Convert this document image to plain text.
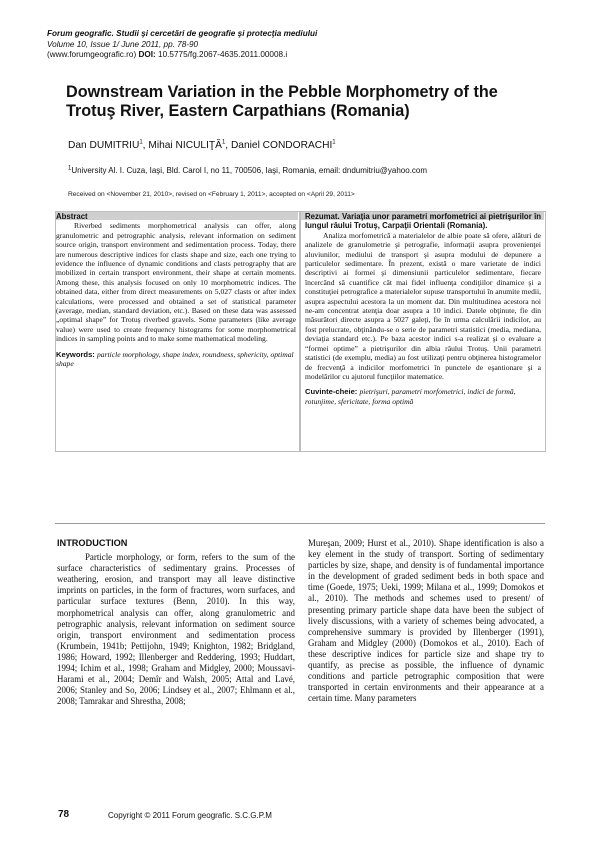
Forum geografic. Studii şi cercetări de geografie şi protecţia mediului
Volume 10, Issue 1/ June 2011, pp. 78-90
(www.forumgeografic.ro) DOI: 10.5775/fg.2067-4635.2011.00008.i
Downstream Variation in the Pebble Morphometry of the Trotuş River, Eastern Carpathians (Romania)
Dan DUMITRIU$^1$, Mihai NICULIŢĂ$^1$, Daniel CONDORACHI$^1$
$^1$University Al. I. Cuza, Iaşi, Bld. Carol I, no 11, 700506, Iaşi, Romania, email: dndumitriu@yahoo.com
Received on <November 21, 2010>, revised on <February 1, 2011>, accepted on <April 29, 2011>
Abstract

Riverbed sediments morphometrical analysis can offer, along granulometric and petrographic analysis, relevant information on sediment source origin, transport environment and sedimentation process. Today, there are numerous descriptive indices for clasts shape and size, each one trying to evidence the influence of dynamic conditions and clasts petrography that are mobilized in certain transport environment, their shape at certain moments. Among these, this analysis focused on only 10 morphometric indices. The obtained data, either from direct measurements on 5,027 clasts or after index calculations, were processed and obtained a set of statistical parameter (average, median, standard deviation, etc.). Based on these data was assessed „optimal shape” for Trotuş riverbed gravels. Some parameters (like average value) were used to create frequency histograms for some morphometrical indices in sampling points and to make some mathematical modeling.

Keywords: particle morphology, shape index, roundness, sphericity, optimal shape
Rezumat. Variaţia unor parametri morfometrici ai pietrişurilor în lungul râului Trotuş, Carpaţii Orientali (Romania).

Analiza morfometrică a materialelor de albie poate să ofere, alături de analizele de granulometrie şi petrografie, informaţii asupra provenienţei aluviunilor, mediului de transport şi asupra modului de depunere a particulelor sedimentare. În prezent, există o mare varietate de indici descriptivi ai formei şi dimensiunii particulelor sedimentare, fiecare încercând să cuantifice cât mai fidel influenţa condiţiilor dinamice şi a constituţiei petrografice a materialelor supuse transportului în anumite medii, asupra aspectului acestora la un moment dat. Din multitudinea acestora noi ne-am concentrat atenţia doar asupra a 10 indici. Datele obţinute, fie din măsurători directe asupra a 5027 galeţi, fie în urma calculării indicilor, au fost prelucrate, obţinându-se o serie de parametri statistici (media, mediana, deviaţia standard etc.). Pe baza acestor indici s-a realizat şi o evaluare a “formei optime” a pietrişurilor din albia râului Trotuş. Unii parametri statistici (de exemplu, media) au fost utilizaţi pentru obţinerea histogramelor de frecvenţă a indicilor morfometrici în punctele de eşantionare şi a modelărilor cu ajutorul funcţiilor matematice.

Cuvinte-cheie: pietrişuri, parametri morfometrici, indici de formă, rotunjime, sfericitate, forma optimă
INTRODUCTION

Particle morphology, or form, refers to the sum of the surface characteristics of sedimentary grains. Processes of weathering, erosion, and transport may all leave distinctive imprints on particles, in the form of fractures, worn surfaces, and particular surface textures (Benn, 2010). In this way, morphometrical analysis can offer, along granulometric and petrographic analysis, relevant information on sediment source origin, transport environment and sedimentation process (Krumbein, 1941b; Pettijohn, 1949; Knighton, 1982; Bridgland, 1986; Howard, 1992; Illenberger and Reddering, 1993; Huddart, 1994; Ichim et al., 1998; Graham and Midgley, 2000; Moussavi-Harami et al., 2004; Demîr and Walsh, 2005; Attal and Lavé, 2006; Stanley and So, 2006; Lindsey et al., 2007; Ehlmann et al., 2008; Tamrakar and Shrestha, 2008;

Mureşan, 2009; Hurst et al., 2010). Shape identification is also a key element in the study of transport. Sorting of sedimentary particles by size, shape, and density is of fundamental importance in the development of graded sediment beds in both space and time (Goede, 1975; Ueki, 1999; Milana et al., 1999; Domokos et al., 2010). The methods and schemes used to present/ of presenting primary particle shape data have been the subject of lively discussions, with a variety of schemes being advocated, a comprehensive summary is provided by Illenberger (1991), Graham and Midgley (2000) (Domokos et al., 2010). Each of these descriptive indices for particle size and shape try to quantify, as precise as possible, the influence of dynamic conditions and particle petrographic composition that were transported in certain environments and their appearance at a certain time. Many parameters

78	Copyright © 2011 Forum geografic. S.C.G.P.M
